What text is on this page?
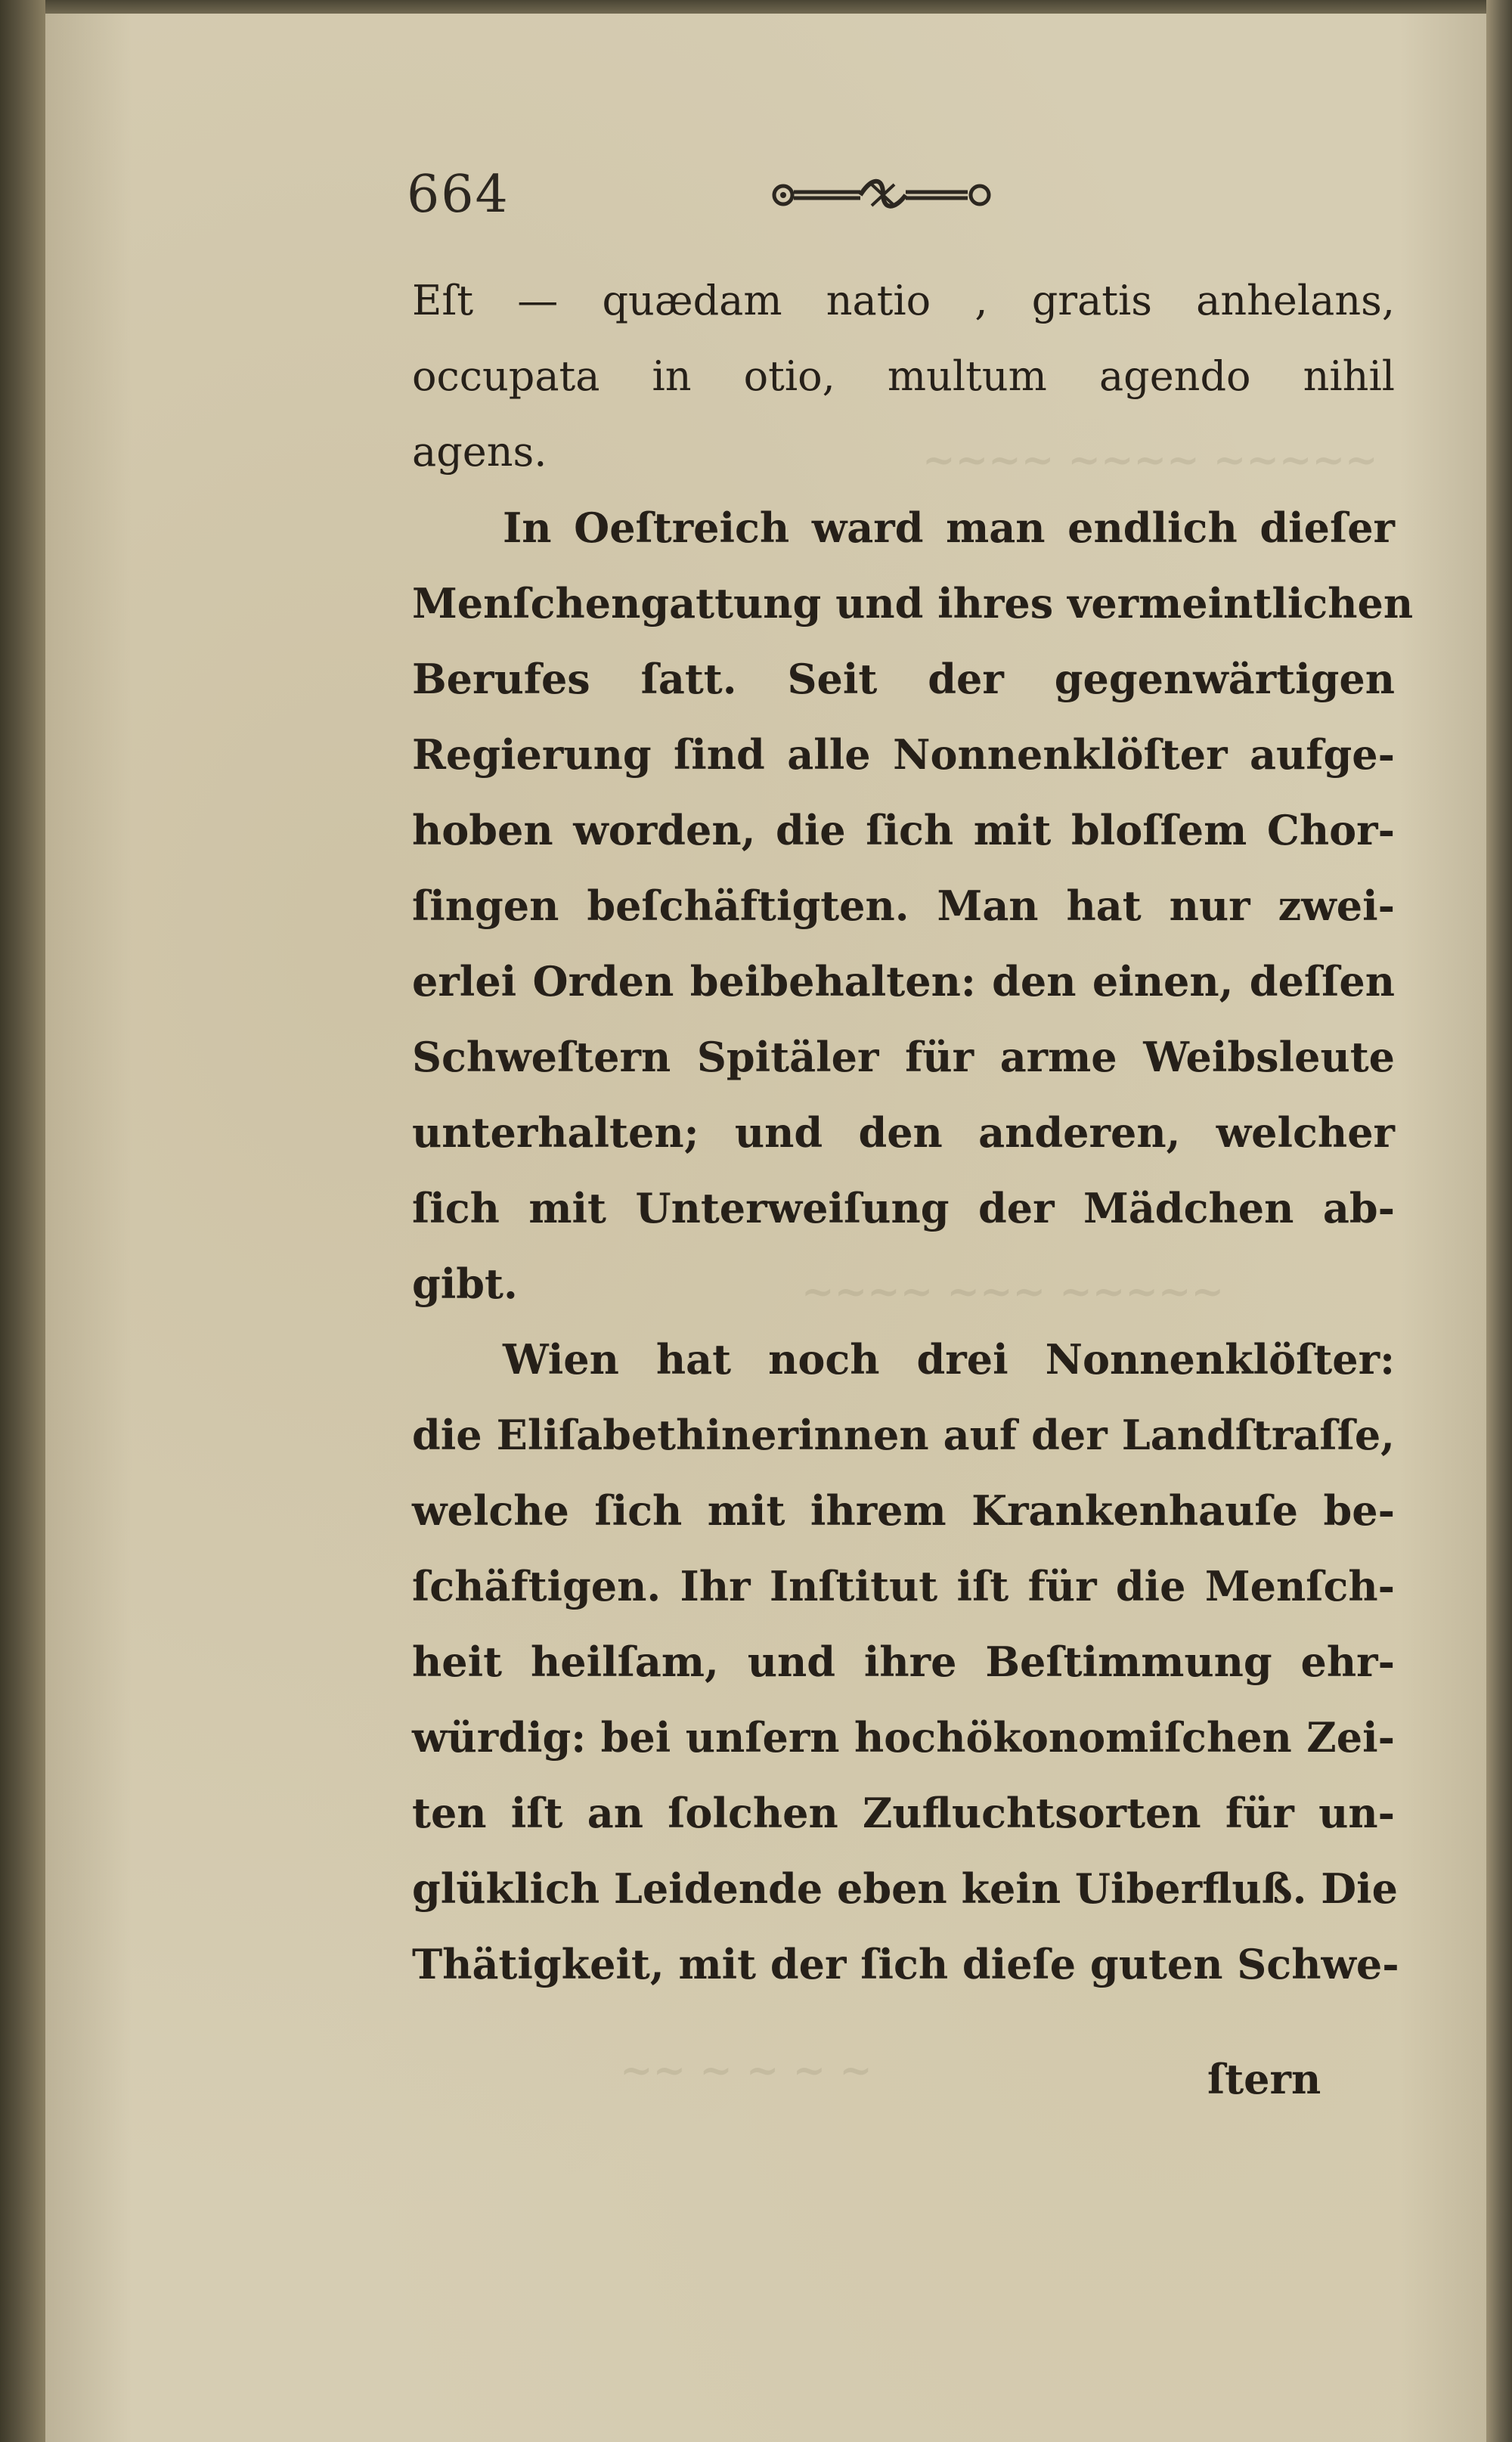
~~~~ ~~~~ ~~~~~
~~~~ ~~~ ~~~~~
~~ ~ ~ ~ ~
664
Eſt — quædam natio , gratis anhelans,
occupata in otio, multum agendo nihil
agens.
In Oeſtreich ward man endlich dieſer
Menſchengattung und ihres vermeintlichen
Berufes ſatt. Seit der gegenwärtigen
Regierung ſind alle Nonnenklöſter aufge-
hoben worden, die ſich mit bloſſem Chor-
ſingen beſchäftigten. Man hat nur zwei-
erlei Orden beibehalten: den einen, deſſen
Schweſtern Spitäler für arme Weibsleute
unterhalten; und den anderen, welcher
ſich mit Unterweiſung der Mädchen ab-
gibt.
Wien hat noch drei Nonnenklöſter:
die Eliſabethinerinnen auf der Landſtraſſe,
welche ſich mit ihrem Krankenhauſe be-
ſchäftigen. Ihr Inſtitut iſt für die Menſch-
heit heilſam, und ihre Beſtimmung ehr-
würdig: bei unſern hochökonomiſchen Zei-
ten iſt an ſolchen Zufluchtsorten für un-
glüklich Leidende eben kein Uiberfluß. Die
Thätigkeit, mit der ſich dieſe guten Schwe-
ſtern
